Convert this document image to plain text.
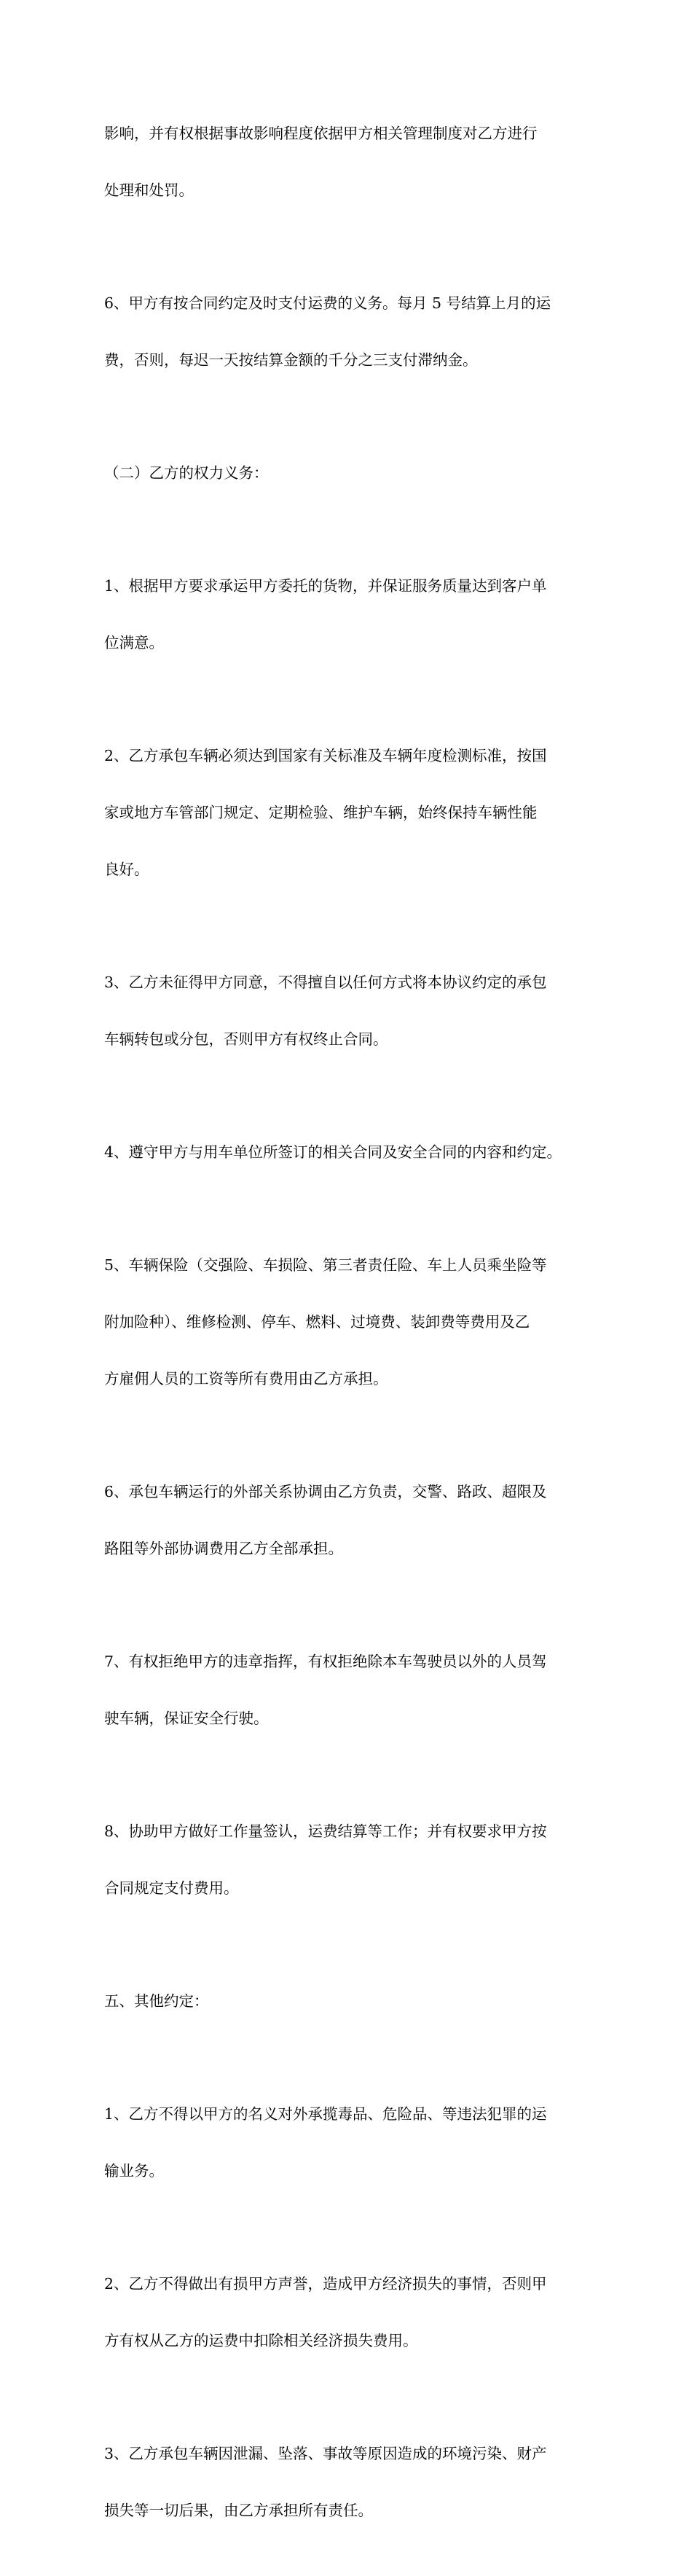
影响，并有权根据事故影响程度依据甲方相关管理制度对乙方进行

处理和处罚。

6、甲方有按合同约定及时支付运费的义务。每月 5 号结算上月的运

费，否则，每迟一天按结算金额的千分之三支付滞纳金。

（二）乙方的权力义务：

1、根据甲方要求承运甲方委托的货物，并保证服务质量达到客户单

位满意。

2、乙方承包车辆必须达到国家有关标准及车辆年度检测标准，按国

家或地方车管部门规定、定期检验、维护车辆，始终保持车辆性能

良好。

3、乙方未征得甲方同意，不得擅自以任何方式将本协议约定的承包

车辆转包或分包，否则甲方有权终止合同。

4、遵守甲方与用车单位所签订的相关合同及安全合同的内容和约定。

5、车辆保险（交强险、车损险、第三者责任险、车上人员乘坐险等

附加险种）、维修检测、停车、燃料、过境费、装卸费等费用及乙

方雇佣人员的工资等所有费用由乙方承担。

6、承包车辆运行的外部关系协调由乙方负责，交警、路政、超限及

路阻等外部协调费用乙方全部承担。

7、有权拒绝甲方的违章指挥，有权拒绝除本车驾驶员以外的人员驾

驶车辆，保证安全行驶。

8、协助甲方做好工作量签认，运费结算等工作；并有权要求甲方按

合同规定支付费用。

五、其他约定：

1、乙方不得以甲方的名义对外承揽毒品、危险品、等违法犯罪的运

输业务。

2、乙方不得做出有损甲方声誉，造成甲方经济损失的事情，否则甲

方有权从乙方的运费中扣除相关经济损失费用。

3、乙方承包车辆因泄漏、坠落、事故等原因造成的环境污染、财产

损失等一切后果，由乙方承担所有责任。
